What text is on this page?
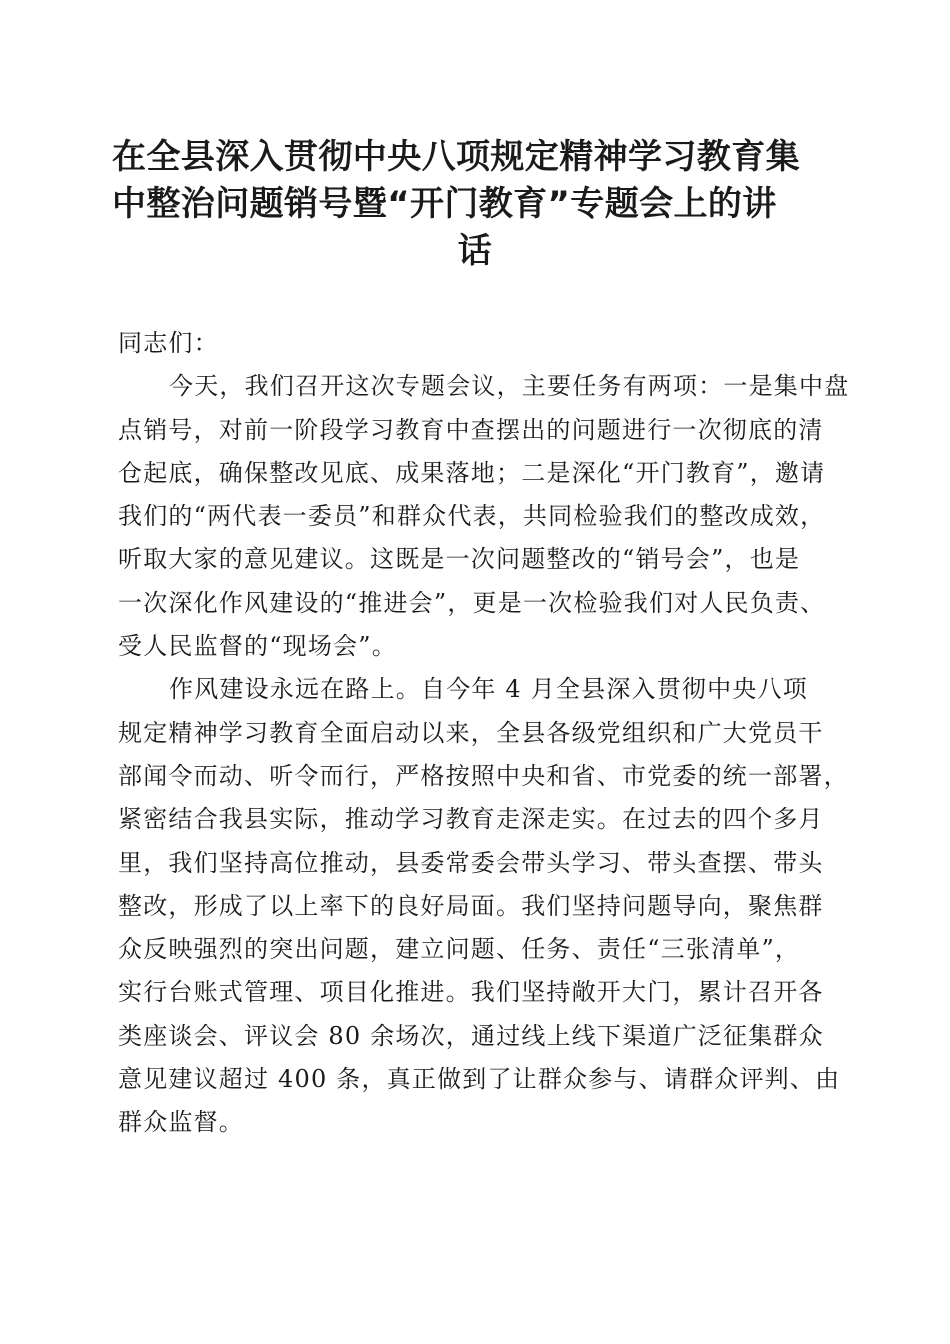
在全县深入贯彻中央八项规定精神学习教育集
中整治问题销号暨“开门教育”专题会上的讲
话
同志们：
今天，我们召开这次专题会议，主要任务有两项：一是集中盘
点销号，对前一阶段学习教育中查摆出的问题进行一次彻底的清
仓起底，确保整改见底、成果落地；二是深化“开门教育”，邀请
我们的“两代表一委员”和群众代表，共同检验我们的整改成效，
听取大家的意见建议。这既是一次问题整改的“销号会”，也是
一次深化作风建设的“推进会”，更是一次检验我们对人民负责、
受人民监督的“现场会”。
作风建设永远在路上。自今年 4 月全县深入贯彻中央八项
规定精神学习教育全面启动以来，全县各级党组织和广大党员干
部闻令而动、听令而行，严格按照中央和省、市党委的统一部署，
紧密结合我县实际，推动学习教育走深走实。在过去的四个多月
里，我们坚持高位推动，县委常委会带头学习、带头查摆、带头
整改，形成了以上率下的良好局面。我们坚持问题导向，聚焦群
众反映强烈的突出问题，建立问题、任务、责任“三张清单”，
实行台账式管理、项目化推进。我们坚持敞开大门，累计召开各
类座谈会、评议会 80 余场次，通过线上线下渠道广泛征集群众
意见建议超过 400 条，真正做到了让群众参与、请群众评判、由
群众监督。
